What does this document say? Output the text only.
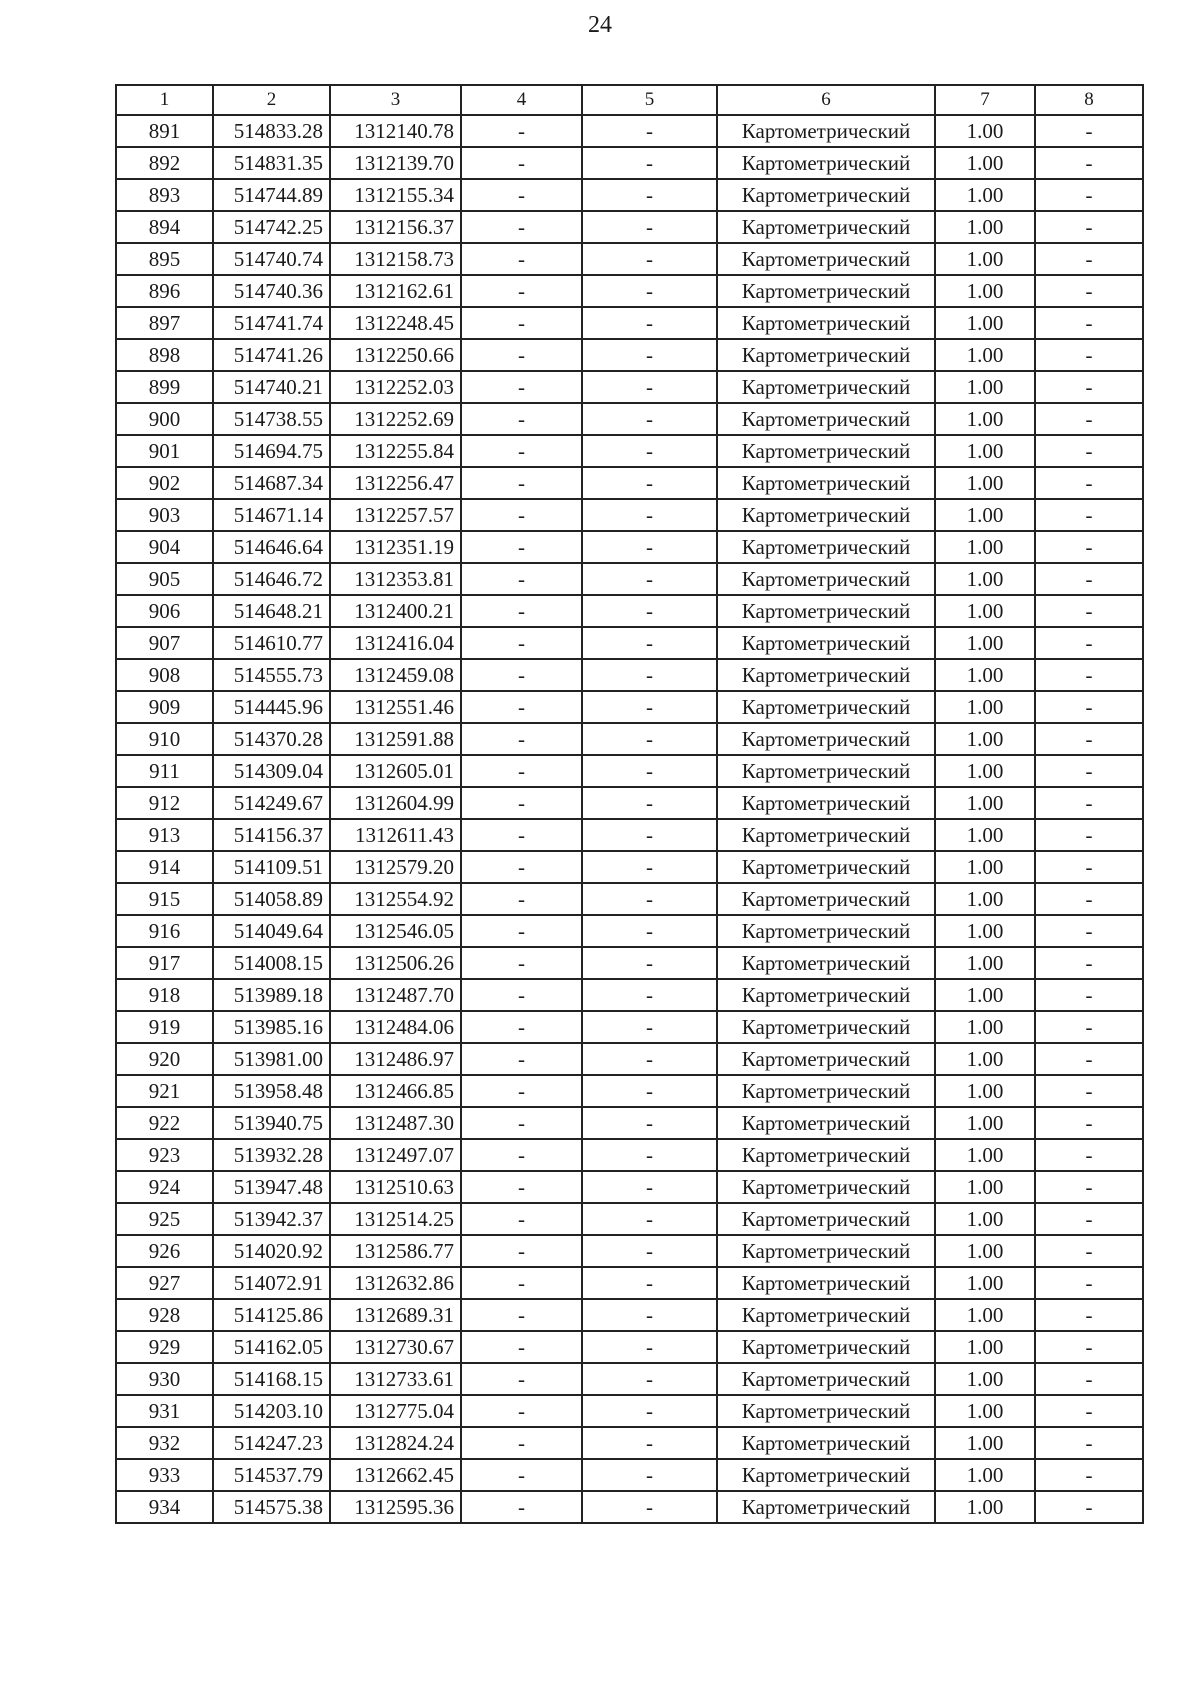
24
1	2	3	4	5	6	7	8
891	514833.28	1312140.78	-	-	Картометрический	1.00	-
892	514831.35	1312139.70	-	-	Картометрический	1.00	-
893	514744.89	1312155.34	-	-	Картометрический	1.00	-
894	514742.25	1312156.37	-	-	Картометрический	1.00	-
895	514740.74	1312158.73	-	-	Картометрический	1.00	-
896	514740.36	1312162.61	-	-	Картометрический	1.00	-
897	514741.74	1312248.45	-	-	Картометрический	1.00	-
898	514741.26	1312250.66	-	-	Картометрический	1.00	-
899	514740.21	1312252.03	-	-	Картометрический	1.00	-
900	514738.55	1312252.69	-	-	Картометрический	1.00	-
901	514694.75	1312255.84	-	-	Картометрический	1.00	-
902	514687.34	1312256.47	-	-	Картометрический	1.00	-
903	514671.14	1312257.57	-	-	Картометрический	1.00	-
904	514646.64	1312351.19	-	-	Картометрический	1.00	-
905	514646.72	1312353.81	-	-	Картометрический	1.00	-
906	514648.21	1312400.21	-	-	Картометрический	1.00	-
907	514610.77	1312416.04	-	-	Картометрический	1.00	-
908	514555.73	1312459.08	-	-	Картометрический	1.00	-
909	514445.96	1312551.46	-	-	Картометрический	1.00	-
910	514370.28	1312591.88	-	-	Картометрический	1.00	-
911	514309.04	1312605.01	-	-	Картометрический	1.00	-
912	514249.67	1312604.99	-	-	Картометрический	1.00	-
913	514156.37	1312611.43	-	-	Картометрический	1.00	-
914	514109.51	1312579.20	-	-	Картометрический	1.00	-
915	514058.89	1312554.92	-	-	Картометрический	1.00	-
916	514049.64	1312546.05	-	-	Картометрический	1.00	-
917	514008.15	1312506.26	-	-	Картометрический	1.00	-
918	513989.18	1312487.70	-	-	Картометрический	1.00	-
919	513985.16	1312484.06	-	-	Картометрический	1.00	-
920	513981.00	1312486.97	-	-	Картометрический	1.00	-
921	513958.48	1312466.85	-	-	Картометрический	1.00	-
922	513940.75	1312487.30	-	-	Картометрический	1.00	-
923	513932.28	1312497.07	-	-	Картометрический	1.00	-
924	513947.48	1312510.63	-	-	Картометрический	1.00	-
925	513942.37	1312514.25	-	-	Картометрический	1.00	-
926	514020.92	1312586.77	-	-	Картометрический	1.00	-
927	514072.91	1312632.86	-	-	Картометрический	1.00	-
928	514125.86	1312689.31	-	-	Картометрический	1.00	-
929	514162.05	1312730.67	-	-	Картометрический	1.00	-
930	514168.15	1312733.61	-	-	Картометрический	1.00	-
931	514203.10	1312775.04	-	-	Картометрический	1.00	-
932	514247.23	1312824.24	-	-	Картометрический	1.00	-
933	514537.79	1312662.45	-	-	Картометрический	1.00	-
934	514575.38	1312595.36	-	-	Картометрический	1.00	-
